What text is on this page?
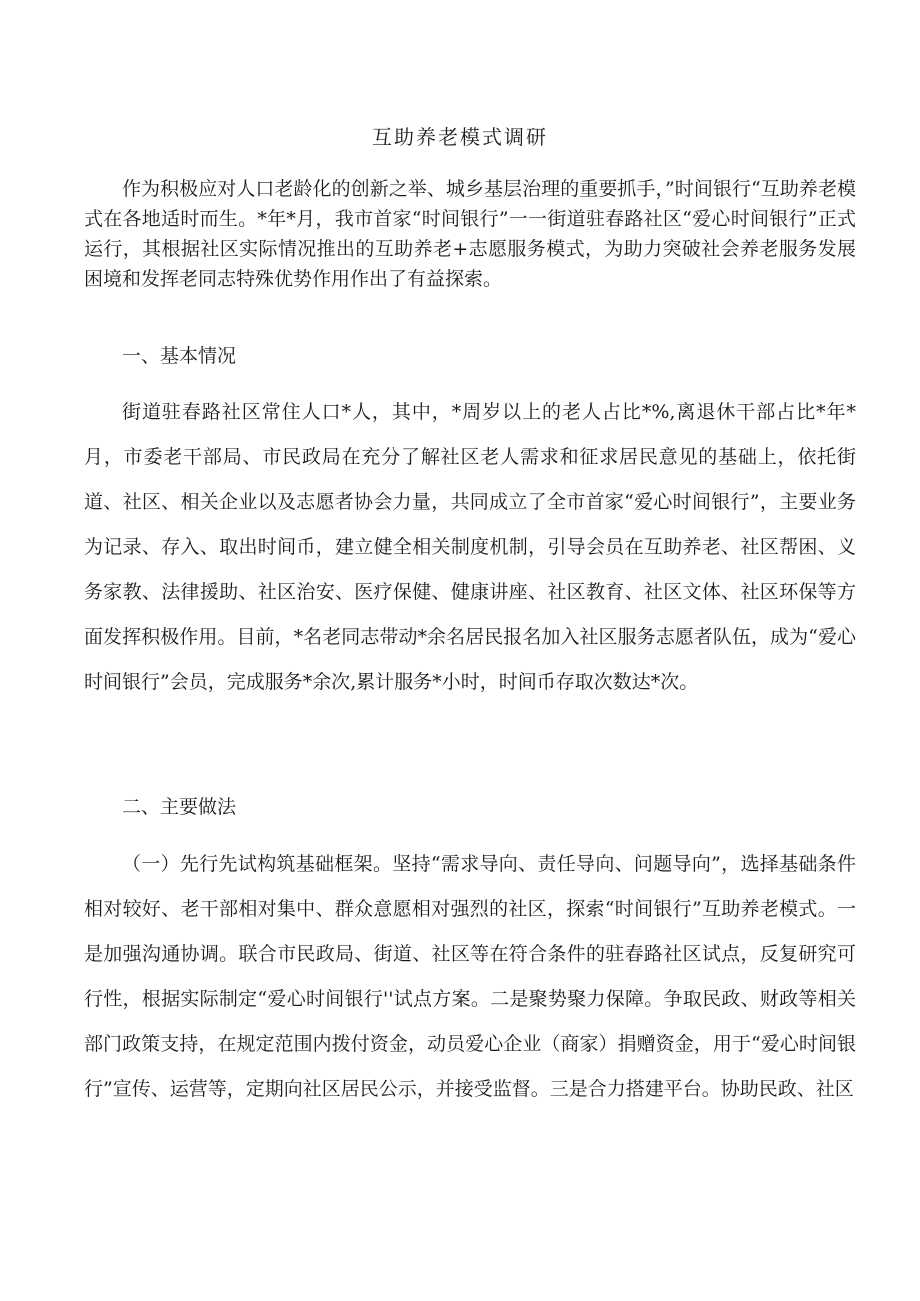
互助养老模式调研

作为积极应对人口老龄化的创新之举、城乡基层治理的重要抓手，”时间银行“互助养老模式在各地适时而生。*年*月，我市首家“时间银行”一一街道驻春路社区“爱心时间银行”正式运行，其根据社区实际情况推出的互助养老+志愿服务模式，为助力突破社会养老服务发展困境和发挥老同志特殊优势作用作出了有益探索。

一、基本情况

街道驻春路社区常住人口*人，其中，*周岁以上的老人占比*%,离退休干部占比*年*月，市委老干部局、市民政局在充分了解社区老人需求和征求居民意见的基础上，依托街道、社区、相关企业以及志愿者协会力量，共同成立了全市首家“爱心时间银行”，主要业务为记录、存入、取出时间币，建立健全相关制度机制，引导会员在互助养老、社区帮困、义务家教、法律援助、社区治安、医疗保健、健康讲座、社区教育、社区文体、社区环保等方面发挥积极作用。目前，*名老同志带动*余名居民报名加入社区服务志愿者队伍，成为“爱心时间银行”会员，完成服务*余次,累计服务*小时，时间币存取次数达*次。

二、主要做法

（一）先行先试构筑基础框架。坚持“需求导向、责任导向、问题导向”，选择基础条件相对较好、老干部相对集中、群众意愿相对强烈的社区，探索“时间银行”互助养老模式。一是加强沟通协调。联合市民政局、街道、社区等在符合条件的驻春路社区试点，反复研究可行性，根据实际制定“爱心时间银行''试点方案。二是聚势聚力保障。争取民政、财政等相关部门政策支持，在规定范围内拨付资金，动员爱心企业（商家）捐赠资金，用于“爱心时间银行”宣传、运营等，定期向社区居民公示，并接受监督。三是合力搭建平台。协助民政、社区
